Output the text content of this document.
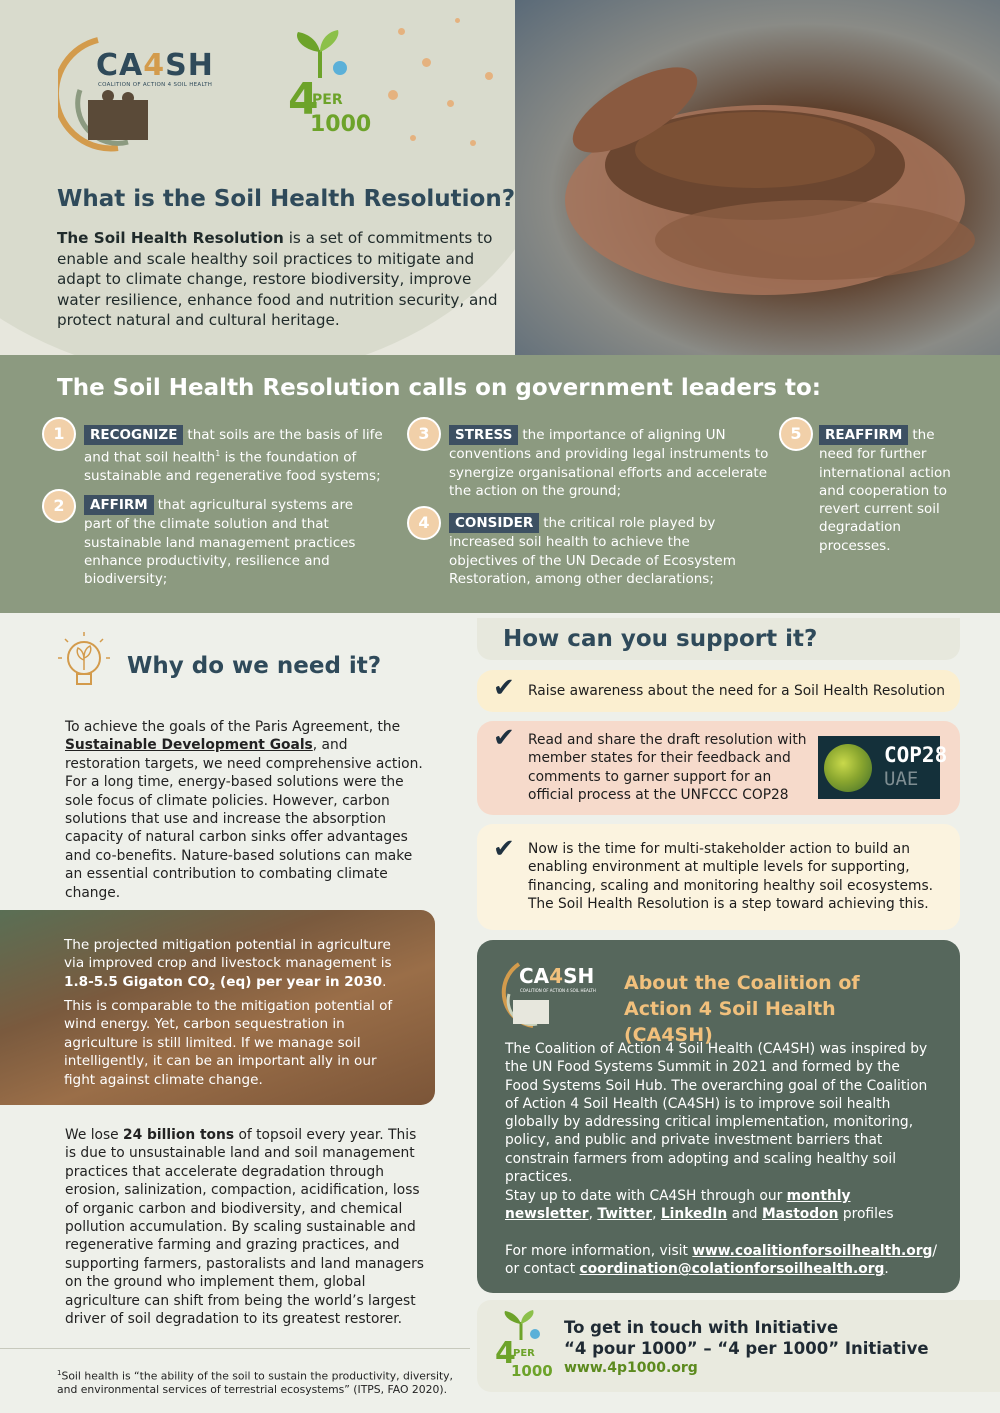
CA4SH
COALITION OF ACTION 4 SOIL HEALTH 4
PER
1000
What is the Soil Health Resolution?
The Soil Health Resolution is a set of commitments to enable and scale healthy soil practices to mitigate and adapt to climate change, restore biodiversity, improve water resilience, enhance food and nutrition security, and protect natural and cultural heritage.
The Soil Health Resolution calls on government leaders to:
1	RECOGNIZE that soils are the basis of life and that soil health$^1$ is the foundation of sustainable and regenerative food systems;
2	AFFIRM that agricultural systems are part of the climate solution and that sustainable land management practices enhance productivity, resilience and biodiversity;
3	STRESS the importance of aligning UN conventions and providing legal instruments to synergize organisational efforts and accelerate the action on the ground;
4	CONSIDER the critical role played by increased soil health to achieve the objectives of the UN Decade of Ecosystem Restoration, among other declarations;
5	REAFFIRM the need for further international action and cooperation to revert current soil degradation processes.
Why do we need it?
To achieve the goals of the Paris Agreement, the Sustainable Development Goals, and restoration targets, we need comprehensive action. For a long time, energy-based solutions were the sole focus of climate policies. However, carbon solutions that use and increase the absorption capacity of natural carbon sinks offer advantages and co-benefits. Nature-based solutions can make an essential contribution to combating climate change.
The projected mitigation potential in agriculture via improved crop and livestock management is 1.8-5.5 Gigaton $CO_2$ (eq) per year in 2030. This is comparable to the mitigation potential of wind energy. Yet, carbon sequestration in agriculture is still limited. If we manage soil intelligently, it can be an important ally in our fight against climate change.
We lose 24 billion tons of topsoil every year. This is due to unsustainable land and soil management practices that accelerate degradation through erosion, salinization, compaction, acidification, loss of organic carbon and biodiversity, and chemical pollution accumulation. By scaling sustainable and regenerative farming and grazing practices, and supporting farmers, pastoralists and land managers on the ground who implement them, global agriculture can shift from being the world’s largest driver of soil degradation to its greatest restorer.
$^1$Soil health is “the ability of the soil to sustain the productivity, diversity, and environmental services of terrestrial ecosystems” (ITPS, FAO 2020).
How can you support it?
✔ Raise awareness about the need for a Soil Health Resolution
✔ Read and share the draft resolution with member states for their feedback and comments to garner support for an official process at the UNFCCC COP28
COP28
UAE
✔ Now is the time for multi-stakeholder action to build an enabling environment at multiple levels for supporting, financing, scaling and monitoring healthy soil ecosystems. The Soil Health Resolution is a step toward achieving this.
CA4SH
COALITION OF ACTION 4 SOIL HEALTH About the Coalition of Action 4 Soil Health (CA4SH)
The Coalition of Action 4 Soil Health (CA4SH) was inspired by the UN Food Systems Summit in 2021 and formed by the Food Systems Soil Hub. The overarching goal of the Coalition of Action 4 Soil Health (CA4SH) is to improve soil health globally by addressing critical implementation, monitoring, policy, and public and private investment barriers that constrain farmers from adopting and scaling healthy soil practices.
Stay up to date with CA4SH through our monthly newsletter, Twitter, LinkedIn and Mastodon profiles
For more information, visit www.coalitionforsoilhealth.org/ or contact coordination@colationforsoilhealth.org.
4
PER
1000
To get in touch with Initiative
“4 pour 1000” – “4 per 1000” Initiative
www.4p1000.org
